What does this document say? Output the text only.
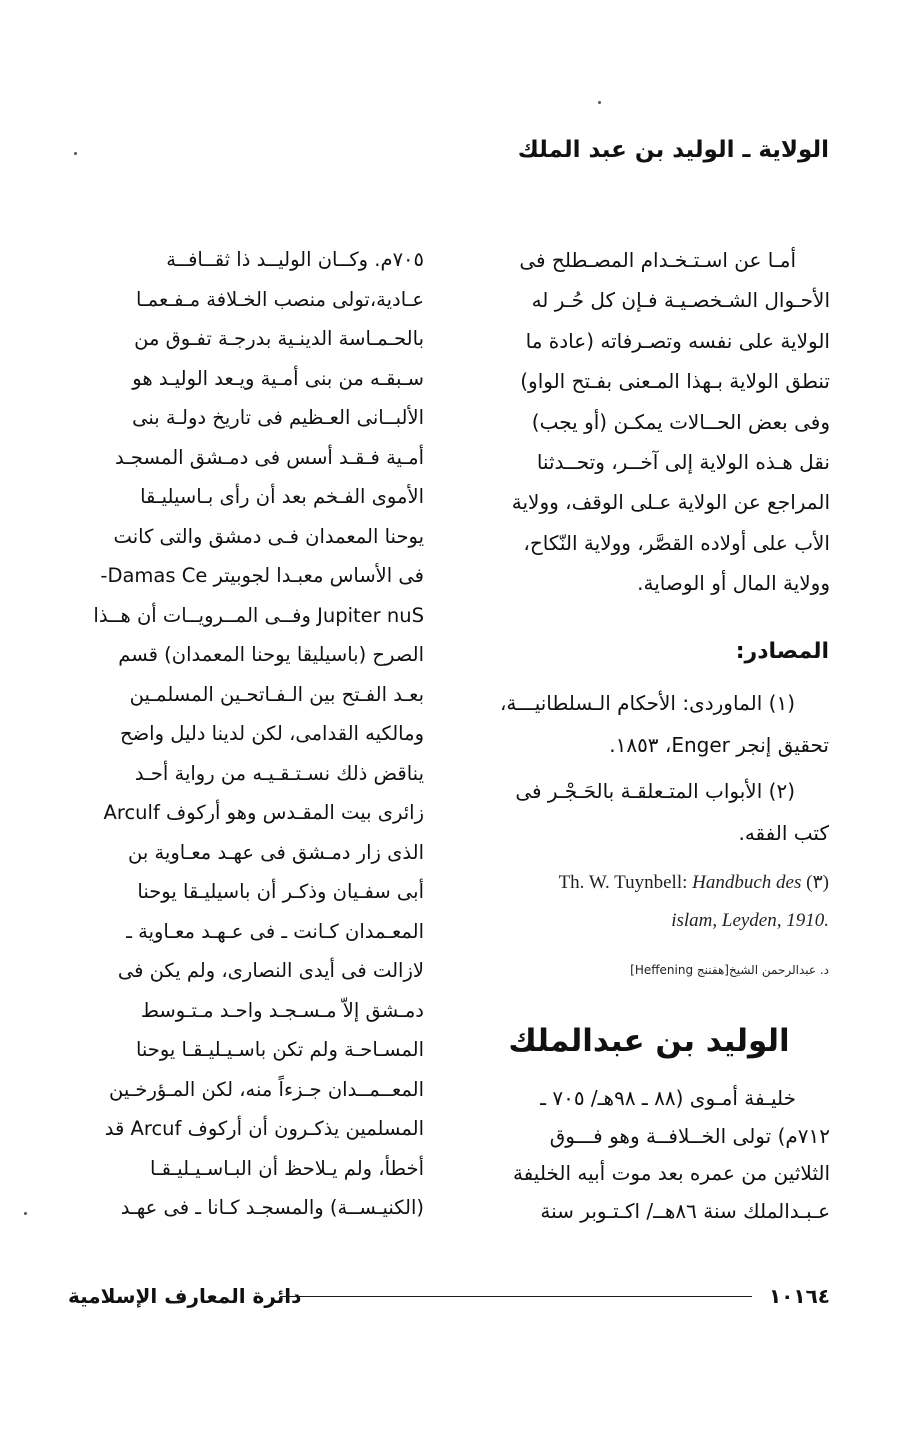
الولاية ـ الوليد بن عبد الملك
أمـا عن اسـتـخـدام المصـطلح فى
الأحـوال الشـخصـيـة فـإن كل حُـر له
الولاية على نفسه وتصـرفاته (عادة ما
تنطق الولاية بـهذا المـعنى بفـتح الواو)
وفى بعض الحــالات يمكـن (أو يجب)
نقل هـذه الولاية إلى آخــر، وتحــدثنا
المراجع عن الولاية عـلى الوقف، وولاية
الأب على أولاده القصَّر، وولاية النّكاح،
وولاية المال أو الوصاية.
المصادر:
(١) الماوردى: الأحكام الـسلطانيـــة،
تحقيق إنجر Enger، ١٨٥٣.
(٢) الأبواب المتـعلقـة بالحَـجْـر فى
كتب الفقه.
Th. W. Tuynbell: Handbuch des (٣)
islam, Leyden, 1910.
د. عبدالرحمن الشيخ[هفننج Heffening]
الوليد بن عبدالملك
خليـفة أمـوى (٨٨ ـ ٩٨هـ/ ٧٠٥ ـ
٧١٢م) تولى الخــلافــة وهو فـــوق
الثلاثين من عمره بعد موت أبيه الخليفة
عـبـدالملك سنة ٨٦هــ/ اكـتـوبر سنة
٧٠٥م. وكــان الوليــد ذا ثقــافــة
عـادية،تولى منصب الخـلافة مـفـعمـا
بالحـمـاسة الدينـية بدرجـة تفـوق من
سـبقـه من بنى أمـية ويـعد الوليـد هو
الألبــانى العـظيم فى تاريخ دولـة بنى
أمـية فـقـد أسس فى دمـشق المسجـد
الأموى الفـخم بعد أن رأى بـاسيليـقا
يوحنا المعمدان فـى دمشق والتى كانت
فى الأساس معبـدا لجوبيتر Damas Ce-
Jupiter nuS وفــى المــرويــات أن هــذا
الصرح (باسيليقا يوحنا المعمدان) قسم
بعـد الفـتح بين الـفـاتحـين المسلمـين
ومالكيه القدامى، لكن لدينا دليل واضح
يناقض ذلك نسـتـقـيـه من رواية أحـد
زائرى بيت المقـدس وهو أركوف Arculf
الذى زار دمـشق فى عهـد معـاوية بن
أبى سفـيان وذكـر أن باسيليـقا يوحنا
المعـمدان كـانت ـ فى عـهـد معـاوية ـ
لازالت فى أيدى النصارى، ولم يكن فى
دمـشق إلاّ مـسـجـد واحـد مـتـوسط
المسـاحـة ولم تكن باسـيـليـقـا يوحنا
المعــمــدان جـزءاً منه، لكن المـؤرخـين
المسلمين يذكـرون أن أركوف Arcuf قد
أخطأ، ولم يـلاحظ أن البـاسـيـليـقـا
(الكنيـســة) والمسجـد كـانا ـ فى عهـد
دائرة المعارف الإسلامية	١٠١٦٤
